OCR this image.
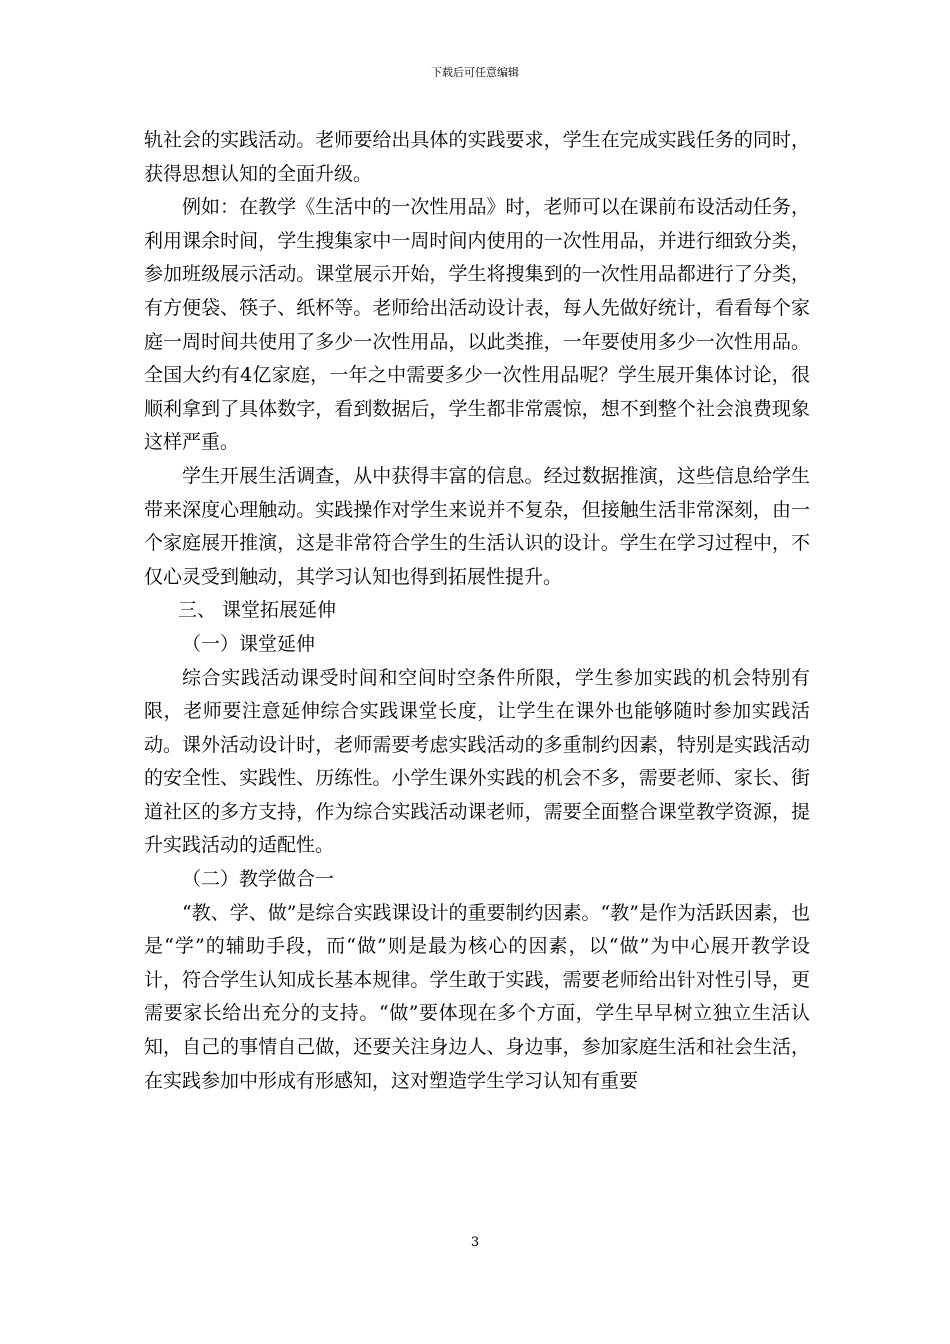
下载后可任意编辑

轨社会的实践活动。老师要给出具体的实践要求，学生在完成实践任务的同时，获得思想认知的全面升级。

例如：在教学《生活中的一次性用品》时，老师可以在课前布设活动任务，利用课余时间，学生搜集家中一周时间内使用的一次性用品，并进行细致分类，参加班级展示活动。课堂展示开始，学生将搜集到的一次性用品都进行了分类，有方便袋、筷子、纸杯等。老师给出活动设计表，每人先做好统计，看看每个家庭一周时间共使用了多少一次性用品，以此类推，一年要使用多少一次性用品。全国大约有4亿家庭，一年之中需要多少一次性用品呢？学生展开集体讨论，很顺利拿到了具体数字，看到数据后，学生都非常震惊，想不到整个社会浪费现象这样严重。

学生开展生活调查，从中获得丰富的信息。经过数据推演，这些信息给学生带来深度心理触动。实践操作对学生来说并不复杂，但接触生活非常深刻，由一个家庭展开推演，这是非常符合学生的生活认识的设计。学生在学习过程中，不仅心灵受到触动，其学习认知也得到拓展性提升。

三、 课堂拓展延伸

（一）课堂延伸

综合实践活动课受时间和空间时空条件所限，学生参加实践的机会特别有限，老师要注意延伸综合实践课堂长度，让学生在课外也能够随时参加实践活动。课外活动设计时，老师需要考虑实践活动的多重制约因素，特别是实践活动的安全性、实践性、历练性。小学生课外实践的机会不多，需要老师、家长、街道社区的多方支持，作为综合实践活动课老师，需要全面整合课堂教学资源，提升实践活动的适配性。

（二）教学做合一

“教、学、做”是综合实践课设计的重要制约因素。“教”是作为活跃因素，也是“学”的辅助手段，而“做”则是最为核心的因素，以“做”为中心展开教学设计，符合学生认知成长基本规律。学生敢于实践，需要老师给出针对性引导，更需要家长给出充分的支持。“做”要体现在多个方面，学生早早树立独立生活认知，自己的事情自己做，还要关注身边人、身边事，参加家庭生活和社会生活，在实践参加中形成有形感知，这对塑造学生学习认知有重要

3
